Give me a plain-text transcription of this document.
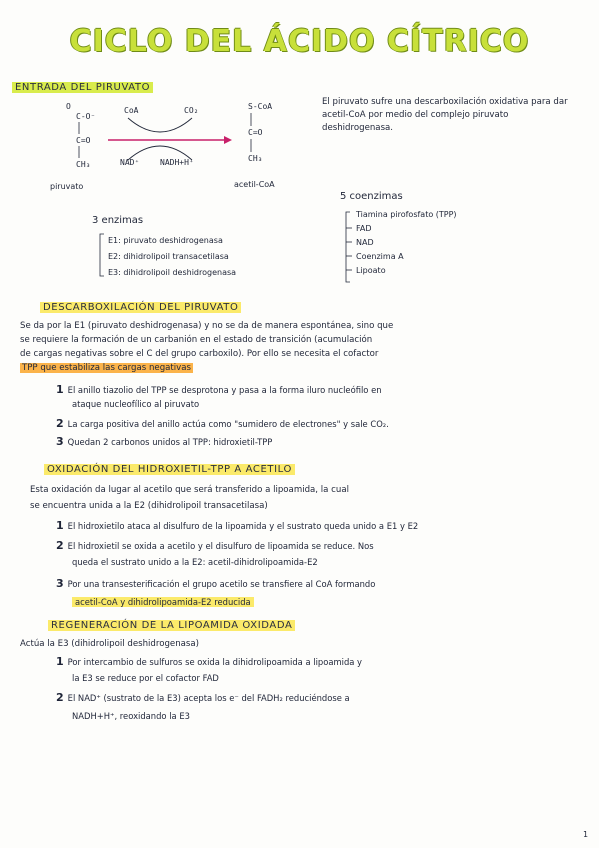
CICLO DEL ÁCIDO CÍTRICO
ENTRADA DEL PIRUVATO
O
C-O⁻
C=O
CH₃
CoA	CO₂
NAD⁺	NADH+H⁺
S-CoA
C=O
CH₃
piruvato	acetil-CoA
El piruvato sufre una descarboxilación oxidativa para dar acetil-CoA por medio del complejo piruvato deshidrogenasa.
3 enzimas
E1: piruvato deshidrogenasa
E2: dihidrolipoil transacetilasa
E3: dihidrolipoil deshidrogenasa
5 coenzimas
Tiamina pirofosfato (TPP)
FAD
NAD
Coenzima A
Lipoato
DESCARBOXILACIÓN DEL PIRUVATO
Se da por la E1 (piruvato deshidrogenasa) y no se da de manera espontánea, sino que
se requiere la formación de un carbanión en el estado de transición (acumulación
de cargas negativas sobre el C del grupo carboxilo). Por ello se necesita el cofactor
TPP que estabiliza las cargas negativas
1 El anillo tiazolio del TPP se desprotona y pasa a la forma iluro nucleófilo en
ataque nucleofílico al piruvato
2 La carga positiva del anillo actúa como "sumidero de electrones" y sale CO₂.
3 Quedan 2 carbonos unidos al TPP: hidroxietil-TPP
OXIDACIÓN DEL HIDROXIETIL-TPP A ACETILO
Esta oxidación da lugar al acetilo que será transferido a lipoamida, la cual
se encuentra unida a la E2 (dihidrolipoil transacetilasa)
1 El hidroxietilo ataca al disulfuro de la lipoamida y el sustrato queda unido a E1 y E2
2 El hidroxietil se oxida a acetilo y el disulfuro de lipoamida se reduce. Nos
queda el sustrato unido a la E2: acetil-dihidrolipoamida-E2
3 Por una transesterificación el grupo acetilo se transfiere al CoA formando
acetil-CoA y dihidrolipoamida-E2 reducida
REGENERACIÓN DE LA LIPOAMIDA OXIDADA
Actúa la E3 (dihidrolipoil deshidrogenasa)
1 Por intercambio de sulfuros se oxida la dihidrolipoamida a lipoamida y
la E3 se reduce por el cofactor FAD
2 El NAD⁺ (sustrato de la E3) acepta los e⁻ del FADH₂ reduciéndose a
NADH+H⁺, reoxidando la E3
1
